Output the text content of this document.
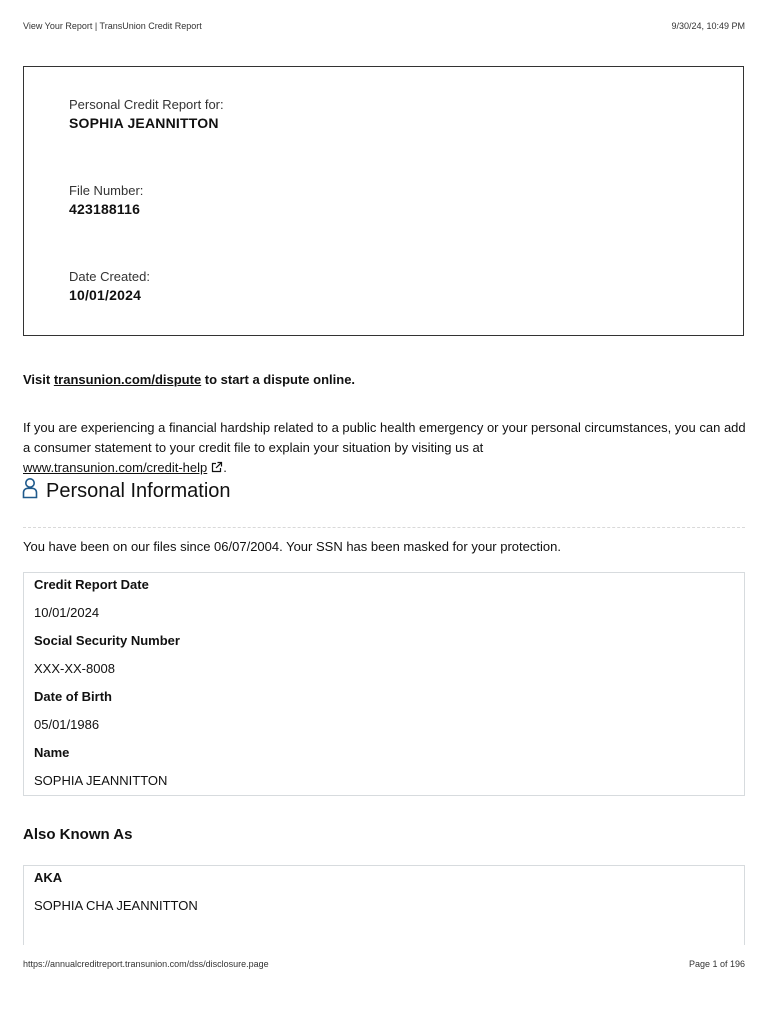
View Your Report | TransUnion Credit Report	9/30/24, 10:49 PM
Personal Credit Report for:
SOPHIA JEANNITTON
File Number:
423188116
Date Created:
10/01/2024
Visit transunion.com/dispute to start a dispute online.
If you are experiencing a financial hardship related to a public health emergency or your personal circumstances, you can add a consumer statement to your credit file to explain your situation by visiting us at
www.transunion.com/credit-help .
Personal Information
You have been on our files since 06/07/2004. Your SSN has been masked for your protection.
Credit Report Date
10/01/2024
Social Security Number
XXX-XX-8008
Date of Birth
05/01/1986
Name
SOPHIA JEANNITTON
Also Known As
AKA
SOPHIA CHA JEANNITTON
https://annualcreditreport.transunion.com/dss/disclosure.page	Page 1 of 196
